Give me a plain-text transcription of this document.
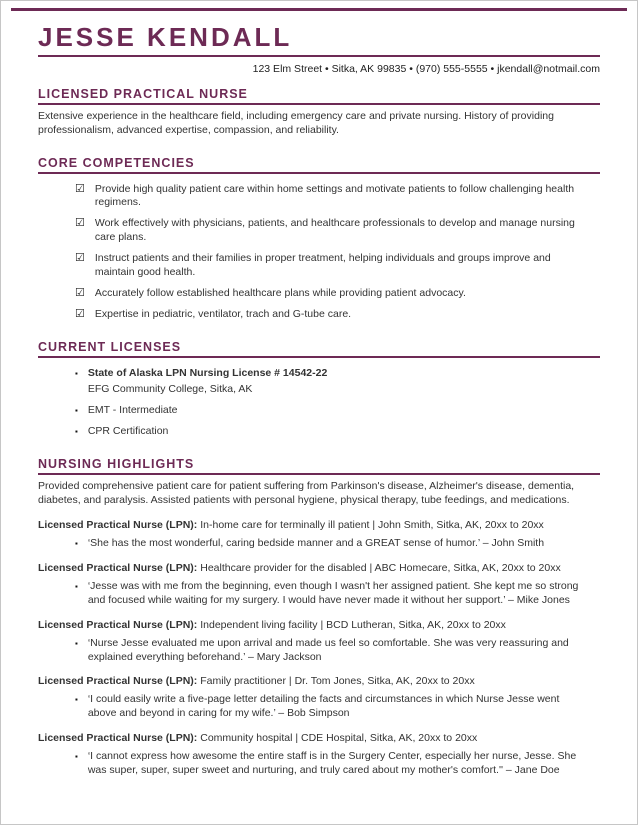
JESSE KENDALL
123 Elm Street • Sitka, AK 99835 • (970) 555-5555 • jkendall@notmail.com
LICENSED PRACTICAL NURSE

Extensive experience in the healthcare field, including emergency care and private nursing. History of providing professionalism, advanced expertise, compassion, and reliability.

CORE COMPETENCIES
☑ Provide high quality patient care within home settings and motivate patients to follow challenging health regimens.
☑ Work effectively with physicians, patients, and healthcare professionals to develop and manage nursing care plans.
☑ Instruct patients and their families in proper treatment, helping individuals and groups improve and maintain good health.
☑ Accurately follow established healthcare plans while providing patient advocacy.
☑ Expertise in pediatric, ventilator, trach and G-tube care.
CURRENT LICENSES
▪ State of Alaska LPN Nursing License # 14542-22
EFG Community College, Sitka, AK
▪ EMT - Intermediate
▪ CPR Certification
NURSING HIGHLIGHTS

Provided comprehensive patient care for patient suffering from Parkinson's disease, Alzheimer's disease, dementia, diabetes, and paralysis. Assisted patients with personal hygiene, physical therapy, tube feedings, and medications.

Licensed Practical Nurse (LPN): In-home care for terminally ill patient | John Smith, Sitka, AK, 20xx to 20xx

▪ ‘She has the most wonderful, caring bedside manner and a GREAT sense of humor.’ – John Smith

Licensed Practical Nurse (LPN): Healthcare provider for the disabled | ABC Homecare, Sitka, AK, 20xx to 20xx

▪ ‘Jesse was with me from the beginning, even though I wasn't her assigned patient. She kept me so strong and focused while waiting for my surgery. I would have never made it without her support.’ – Mike Jones

Licensed Practical Nurse (LPN): Independent living facility | BCD Lutheran, Sitka, AK, 20xx to 20xx

▪ ‘Nurse Jesse evaluated me upon arrival and made us feel so comfortable. She was very reassuring and explained everything beforehand.’ – Mary Jackson

Licensed Practical Nurse (LPN): Family practitioner | Dr. Tom Jones, Sitka, AK, 20xx to 20xx

▪ ‘I could easily write a five-page letter detailing the facts and circumstances in which Nurse Jesse went above and beyond in caring for my wife.’ – Bob Simpson

Licensed Practical Nurse (LPN): Community hospital | CDE Hospital, Sitka, AK, 20xx to 20xx

▪ ‘I cannot express how awesome the entire staff is in the Surgery Center, especially her nurse, Jesse. She was super, super, super sweet and nurturing, and truly cared about my mother's comfort.'' – Jane Doe
